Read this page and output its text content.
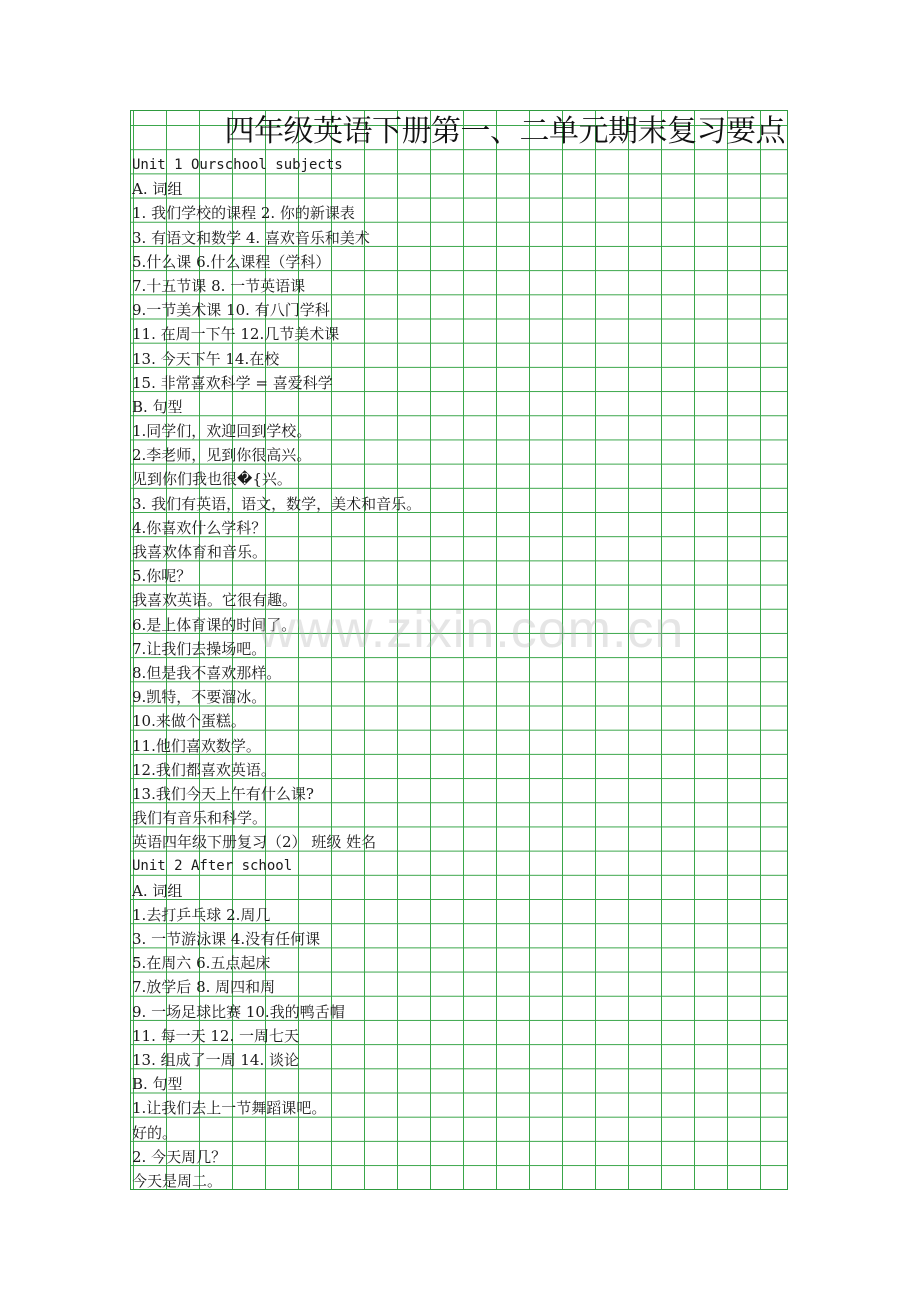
四年级英语下册第一、二单元期末复习要点
Unit 1 Ourschool subjects
A. 词组
1. 我们学校的课程 2. 你的新课表
3. 有语文和数学 4. 喜欢音乐和美术
5.什么课 6.什么课程（学科）
7.十五节课 8. 一节英语课
9.一节美术课 10. 有八门学科
11. 在周一下午 12.几节美术课
13. 今天下午 14.在校
15. 非常喜欢科学 = 喜爱科学
B. 句型
1.同学们，欢迎回到学校。
2.李老师，见到你很高兴。
见到你们我也很�{兴。
3. 我们有英语，语文，数学，美术和音乐。
4.你喜欢什么学科？
我喜欢体育和音乐。
5.你呢？
我喜欢英语。它很有趣。
6.是上体育课的时间了。
7.让我们去操场吧。
8.但是我不喜欢那样。
9.凯特，不要溜冰。
10.来做个蛋糕。
11.他们喜欢数学。
12.我们都喜欢英语。
13.我们今天上午有什么课?
我们有音乐和科学。
英语四年级下册复习（2） 班级 姓名
Unit 2 After school
A. 词组
1.去打乒乓球 2.周几
3. 一节游泳课 4.没有任何课
5.在周六 6.五点起床
7.放学后 8. 周四和周
9. 一场足球比赛 10.我的鸭舌帽
11. 每一天 12. 一周七天
13. 组成了一周 14. 谈论
B. 句型
1.让我们去上一节舞蹈课吧。
好的。
2. 今天周几？
今天是周二。
www.zixin.com.cn
